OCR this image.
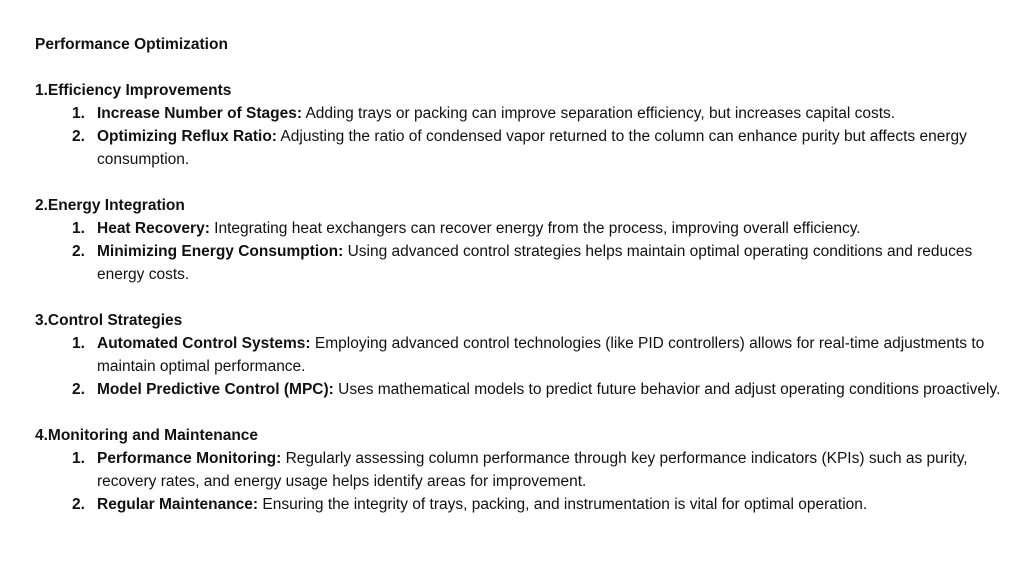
Performance Optimization
1.Efficiency Improvements
1. Increase Number of Stages: Adding trays or packing can improve separation efficiency, but increases capital costs.
2. Optimizing Reflux Ratio: Adjusting the ratio of condensed vapor returned to the column can enhance purity but affects energy consumption.
2.Energy Integration
1. Heat Recovery: Integrating heat exchangers can recover energy from the process, improving overall efficiency.
2. Minimizing Energy Consumption: Using advanced control strategies helps maintain optimal operating conditions and reduces energy costs.
3.Control Strategies
1. Automated Control Systems: Employing advanced control technologies (like PID controllers) allows for real-time adjustments to maintain optimal performance.
2. Model Predictive Control (MPC): Uses mathematical models to predict future behavior and adjust operating conditions proactively.
4.Monitoring and Maintenance
1. Performance Monitoring: Regularly assessing column performance through key performance indicators (KPIs) such as purity, recovery rates, and energy usage helps identify areas for improvement.
2. Regular Maintenance: Ensuring the integrity of trays, packing, and instrumentation is vital for optimal operation.
